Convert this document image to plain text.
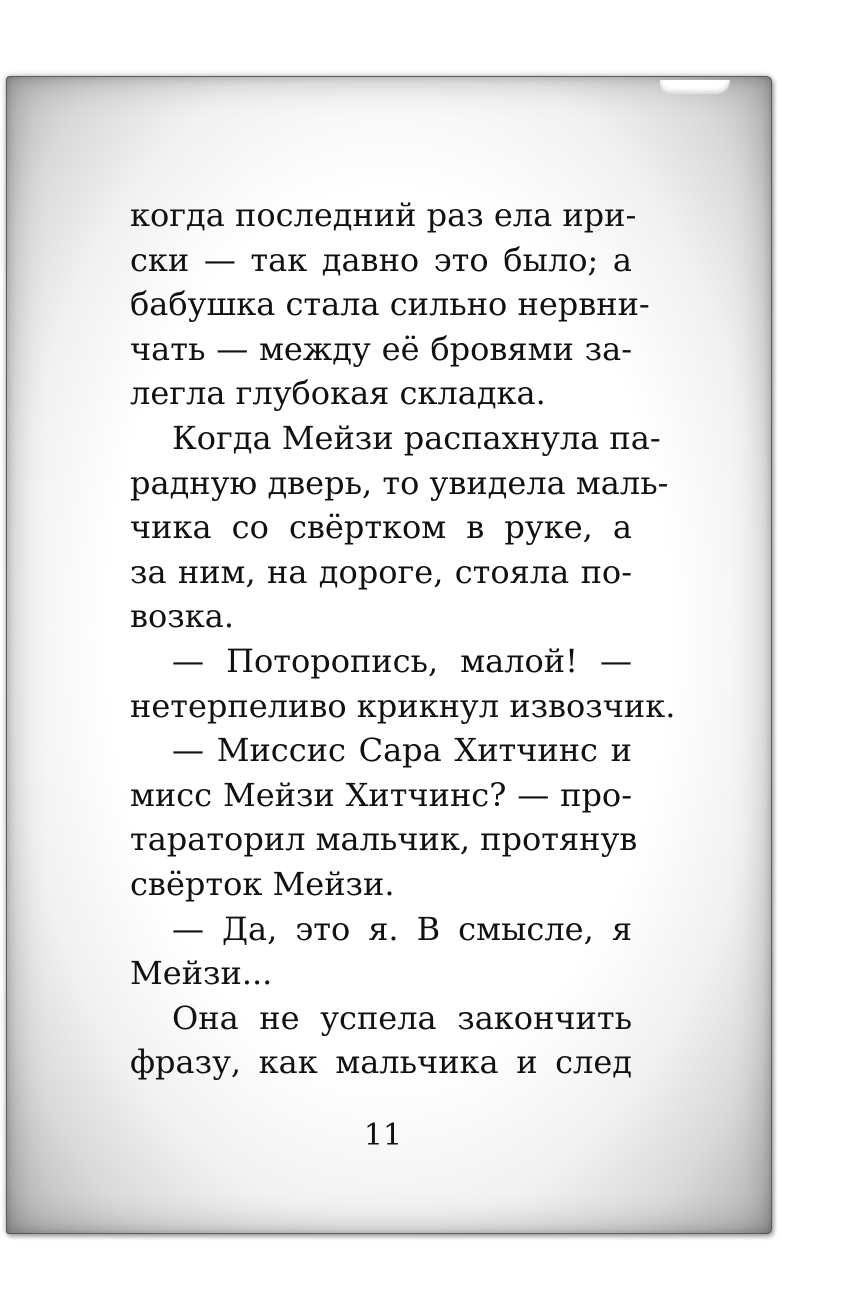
когда последний раз ела ири-
ски — так давно это было; а
бабушка стала сильно нервни-
чать — между её бровями за-
легла глубокая складка.
Когда Мейзи распахнула па-
радную дверь, то увидела маль-
чика со свёртком в руке, а
за ним, на дороге, стояла по-
возка.
— Поторопись, малой! —
нетерпеливо крикнул извозчик.
— Миссис Сара Хитчинс и
мисс Мейзи Хитчинс? — про-
тараторил мальчик, протянув
свёрток Мейзи.
— Да, это я. В смысле, я
Мейзи...
Она не успела закончить
фразу, как мальчика и след
11
